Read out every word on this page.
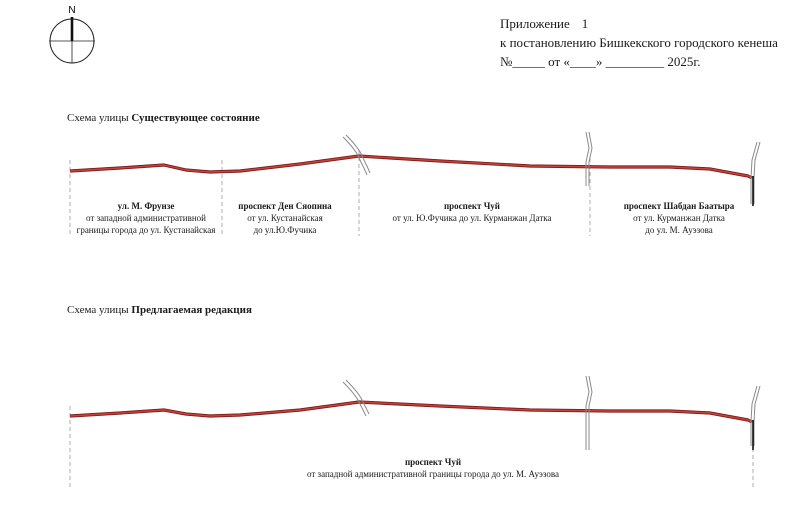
N
Приложение 1
к постановлению Бишкекского городского кенеша
№_____ от «____» _________ 2025г.
Схема улицы Существующее состояние
ул. М. Фрунзе
от западной административной
границы города до ул. Кустанайская
проспект Ден Сяопина
от ул. Кустанайская
до ул.Ю.Фучика
проспект Чуй
от ул. Ю.Фучика до ул. Курманжан Датка
проспект Шабдан Баатыра
от ул. Курманжан Датка
до ул. М. Ауэзова
Схема улицы Предлагаемая редакция
проспект Чуй
от западной административной границы города до ул. М. Ауэзова
